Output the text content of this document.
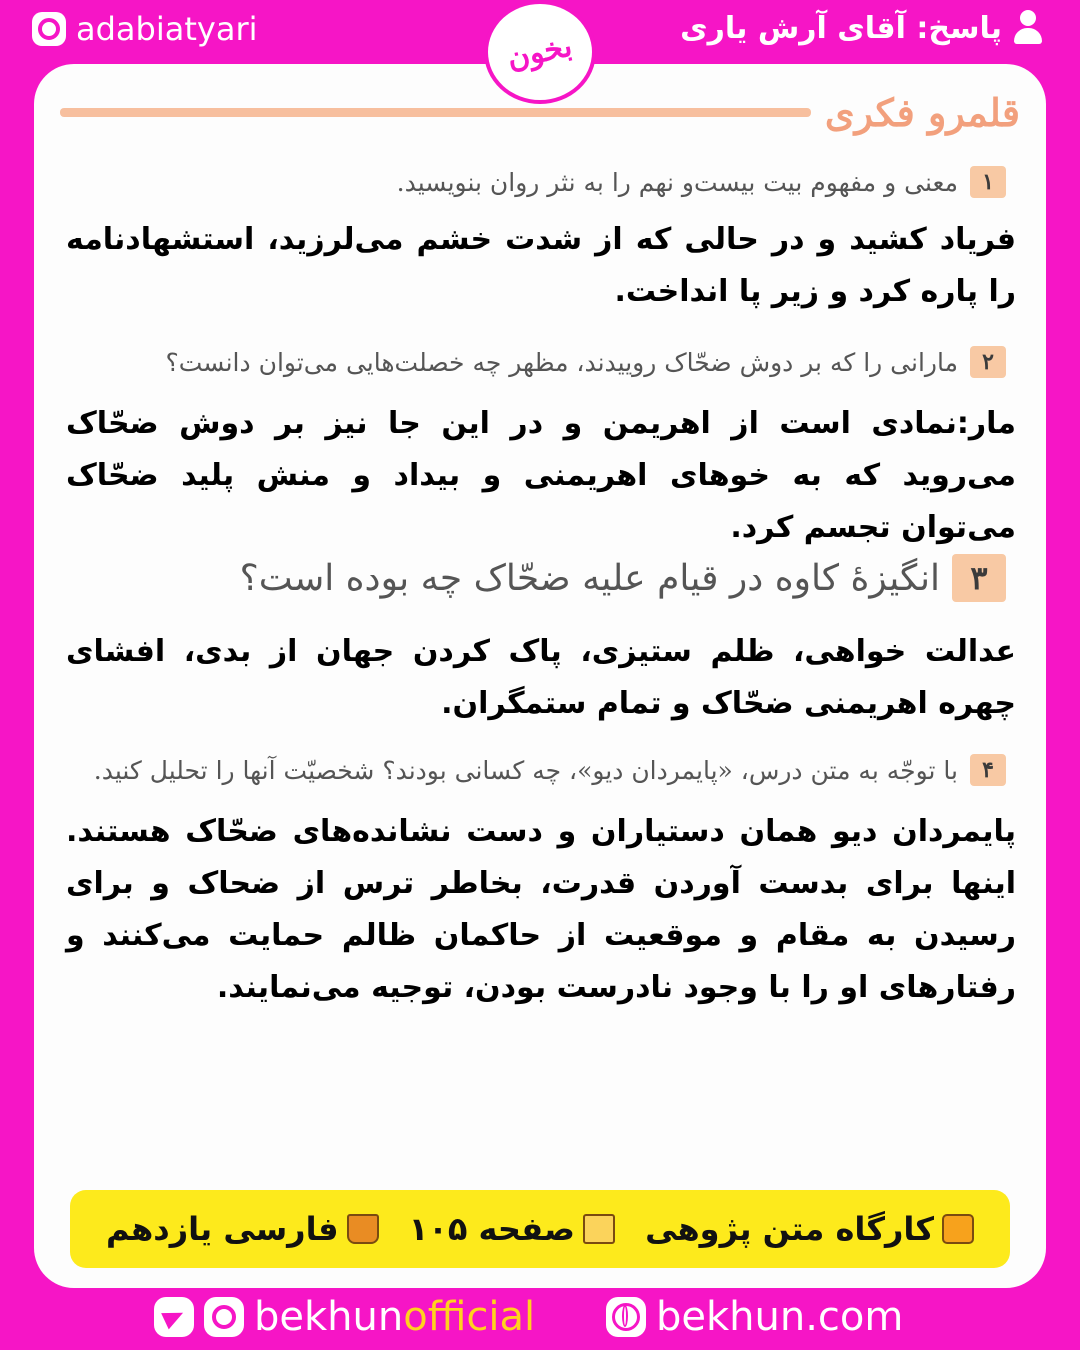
adabiatyari	پاسخ: آقای آرش یاری
بخون
قلمرو فکری
۱
معنی و مفهوم بیت بیست‌و نهم را به نثر روان بنویسید.
فریاد کشید و در حالی که از شدت خشم می‌لرزید، استشهادنامه را پاره کرد و زیر پا انداخت.
۲
مارانی را که بر دوش ضحّاک روییدند، مظهر چه خصلت‌هایی می‌توان دانست؟
مار:نمادی است از اهریمن و در این جا نیز بر دوش ضحّاک می‌روید که به خوهای اهریمنی و بیداد و منش پلید ضحّاک می‌توان تجسم کرد.
۳
انگیزهٔ کاوه در قیام علیه ضحّاک چه بوده است؟
عدالت خواهی، ظلم ستیزی، پاک کردن جهان از بدی، افشای چهره اهریمنی ضحّاک و تمام ستمگران.
۴
با توجّه به متن درس، «پایمردان دیو»، چه کسانی بودند؟ شخصیّت آنها را تحلیل کنید.
پایمردان دیو همان دستیاران و دست نشانده‌های ضحّاک هستند. اینها برای بدست آوردن قدرت، بخاطر ترس از ضحاک و برای رسیدن به مقام و موقعیت از حاکمان ظالم حمایت می‌کنند و رفتارهای او را با وجود نادرست بودن، توجیه می‌نمایند.
کارگاه متن پژوهی
صفحه ۱۰۵
فارسی یازدهم
bekhunofficial	bekhun.com
